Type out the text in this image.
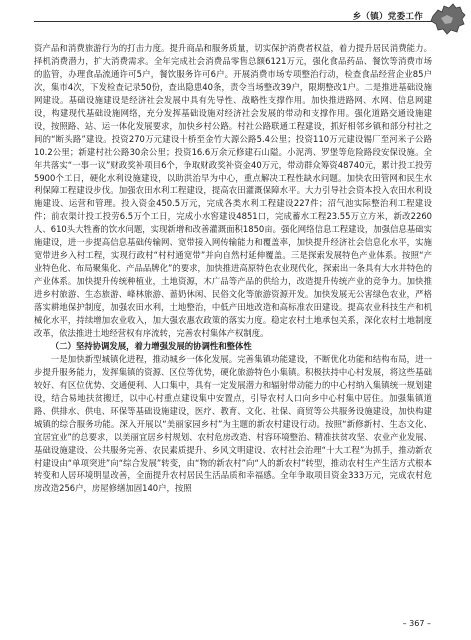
乡（镇）党委工作

资产品和消费旅游行为的打击力度。提升商品和服务质量，切实保护消费者权益，着力提升居民消费能力。择机消费潜力，扩大消费需求。全年完成社会消费品零售总额6121万元，强化食品药品、餐饮等消费市场的监管，办理食品流通许可5户，餐饮服务许可6户。开展消费市场专项整治行动，检查食品经营企业85户次，集市4次，下发检查记录50份，查出隐患40条，责令当场整改39户，限期整改1户。二是推进基础设施网建设。基础设施建设是经济社会发展中具有先导性、战略性支撑作用。加快推进路网、水网、信息网建设，构建现代基础设施网络，充分发挥基础设施对经济社会发展的带动和支撑作用。强化道路交通设施建设，按照路、站、运一体化发展要求，加快乡村公路。村社公路联通工程建设，抓好相邻乡镇和部分村社之间的“断头路”建设。投资270万元建设十桥至金竹大源公路5.4公里；投资110万元建设锡厂至河米子公路10.2公里；新建村社公路30余公里；投资16.6万余元修建石山隘。小泥湾、罗堡等危险路段安保设施。全年共落实“一事一议”财政奖补项目6个，争取财政奖补资金40万元，带动群众筹资48740元，累计投工投劳5900个工日，硬化水利设施建设，以助洪治早为中心，重点解决工程性缺水问题。加快农田管网和民生水利保障工程建设步伐。加强农田水利工程建设，提高农田灌溉保障水平。大力引导社会资本投入农田水利设施建设、运营和管理。投入资金450.5万元，完成各类水利工程建设227件；沼气池实际整治利工程建设件；前农渠计投工投劳6.5万个工日，完成小水窖建设4851口，完成蓄水工程23.55万立方米，新改2260人、610头大牲畜的饮水问题，实现新增和改善灌溉面积1850亩。强化网络信息工程建设，加强信息基础实施建设，进一步提高信息基础传输网、宽带接入网传输能力和覆盖率，加快提升经济社会信息化水平，实施宽带进乡入村工程，实现行政村“村村通宽带”并向自然村延伸覆盖。三是探索发展特色产业体系。按照“产业特色化、布局聚集化、产品品牌化”的要求，加快推进高原特色农业现代化，探索出一条具有大水井特色的产业体系。加快提升传统种植业，土地资源，木广品等产品的供给力，改造提升传统产业的竞争力。加快推进乡村旅游、生态旅游、峰林旅游、蔷奶休闲、民俗文化等旅游资源开发。加快发展无公害绿色农业，严格落实耕地保护制度，加强农田水利，土地整治，中低产田地改造和高标准农田建设。提高农业科技生产和机械化水平，持续增加农业收入，加大强农惠农政策的落实力度。稳定农村土地承包关系，深化农村土地制度改革，依法推进土地经营权有序流转，完善农村集体产权制度。

（二）坚持协调发展，着力增强发展的协调性和整体性

一是加快新型城镇化进程，推动城乡一体化发展。完善集镇功能建设，不断优化功能和结构布局，进一步提升服务能力，发挥集镇的资源、区位等优势，硬化旅游特色小集镇。积极扶持中心村发展，将这些基础较好、有区位优势、交通便利、人口集中，具有一定发展潜力和辐射带动能力的中心村纳入集镇统一规划建设，结合易地扶贫搬迁，以中心村重点建设集中安置点，引导农村人口向乡中心村集中居住。加强集镇道路、供排水、供电、环保等基础设施建设，医疗、教育、文化、社保、商贸等公共服务设施建设，加快构建城镇的综合服务功能。深入开展以“美丽家园乡村”为主题的新农村建设行动。按照“新修新村、生态文化、宜居宜业”的总要求，以美丽宜居乡村规划、农村危房改造、村容环境整治、精准扶贫攻坚、农业产业发展、基础设施建设、公共服务完善、农民素质提升、乡风文明建设、农村社会治理“十大工程”为抓手，推动新农村建设由“单项突进”向“综合发展”转变，由“物的新农村”向“人的新农村”转型，推动农村生产生活方式根本转变和人居环境明显改善，全面提升农村居民生活品质和幸福感。全年争取项目资金333万元，完成农村危房改造256户，房屋修缮加固140户，按照

– 367 –
